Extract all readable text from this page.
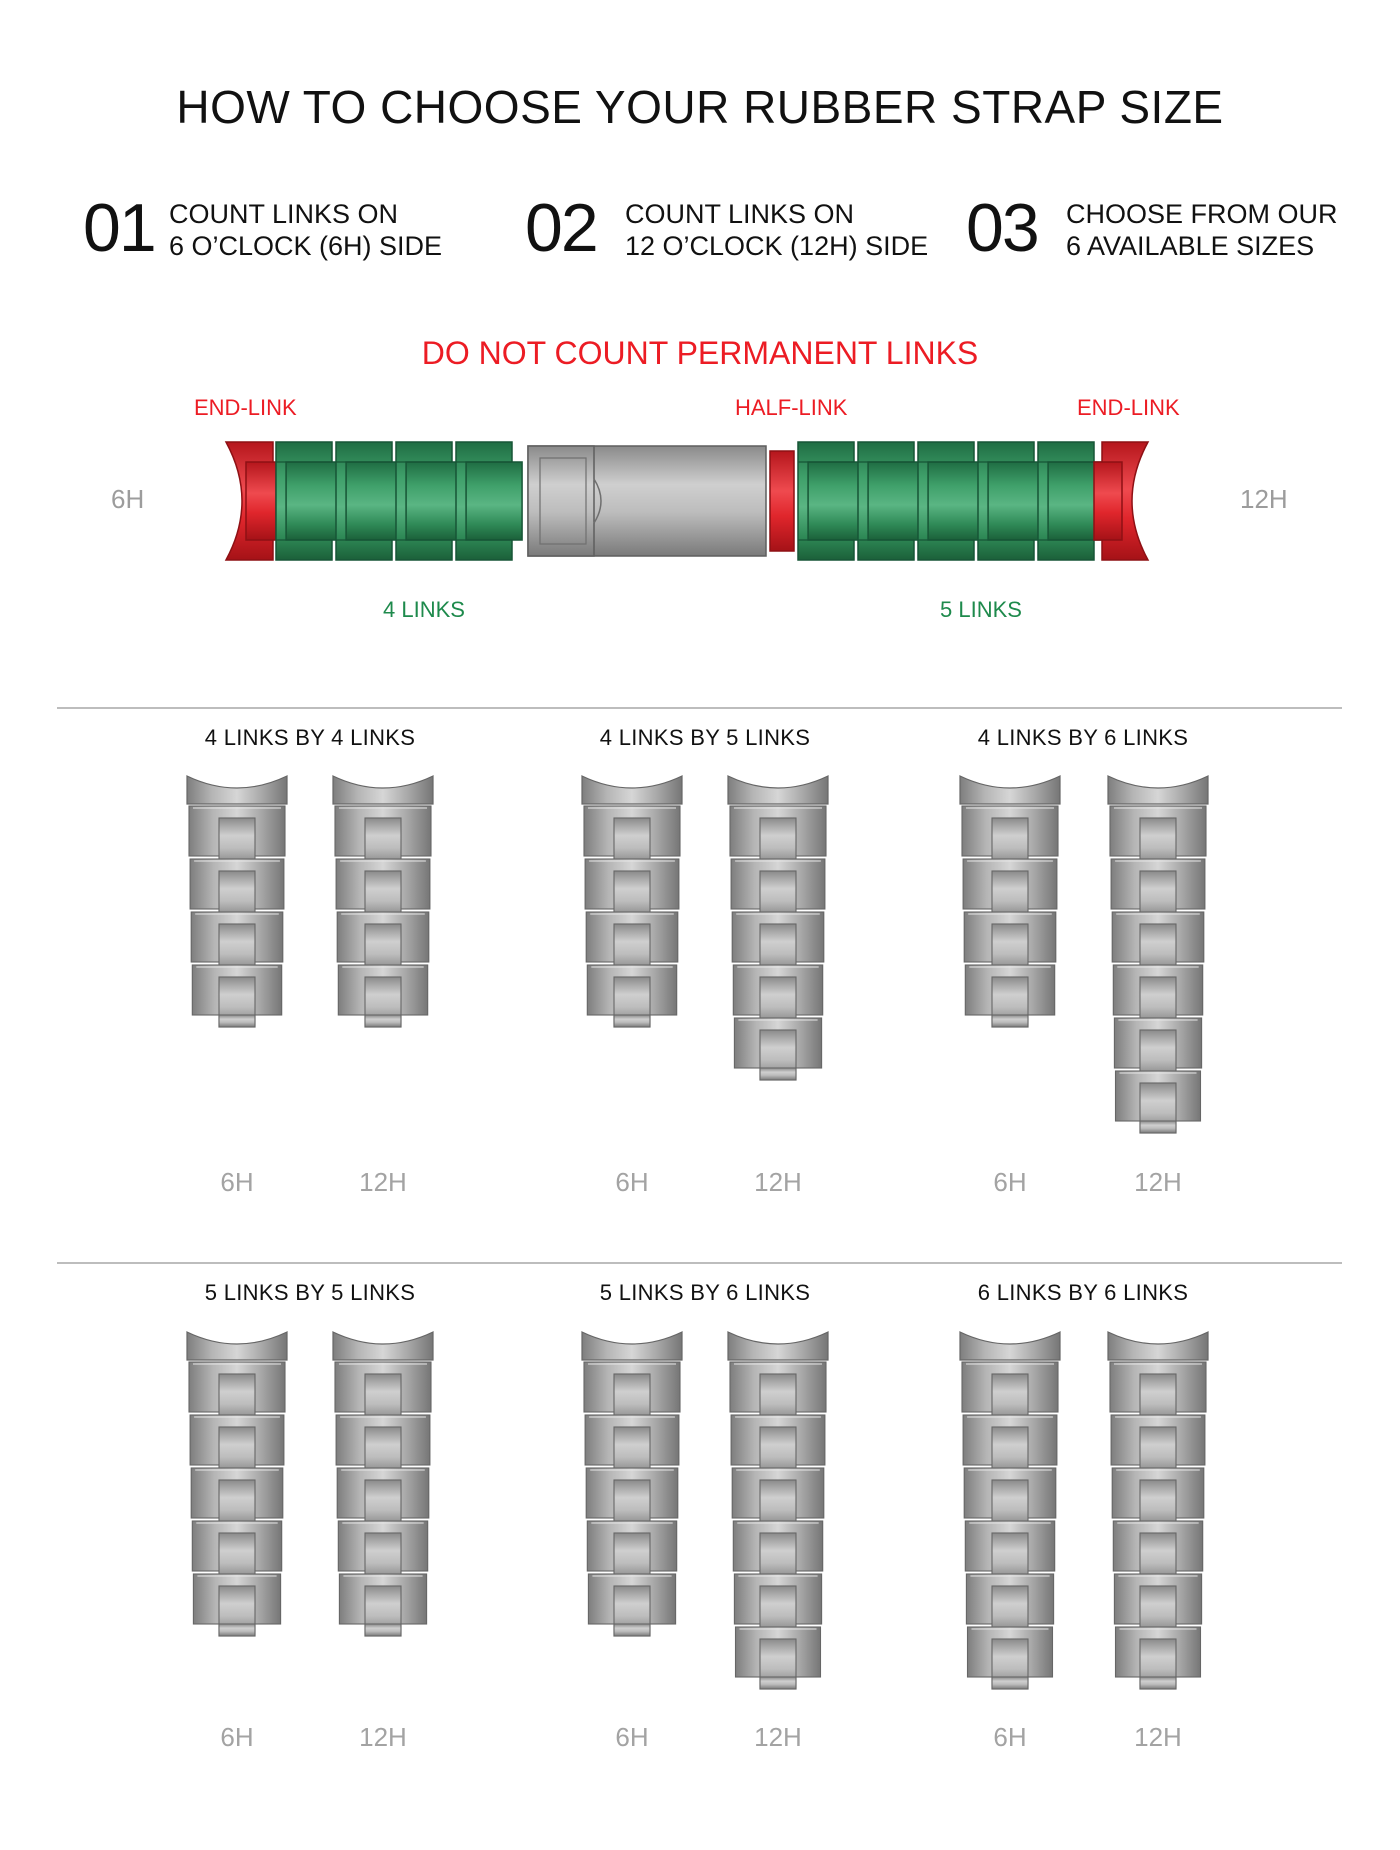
HOW TO CHOOSE YOUR RUBBER STRAP SIZE
01 COUNT LINKS ON
6 O’CLOCK (6H) SIDE 02 COUNT LINKS ON
12 O’CLOCK (12H) SIDE 03 CHOOSE FROM OUR
6 AVAILABLE SIZES
DO NOT COUNT PERMANENT LINKS
END-LINK	HALF-LINK	END-LINK
6H	12H
4 LINKS	5 LINKS
4 LINKS BY 4 LINKS
6H	12H
4 LINKS BY 5 LINKS
6H	12H
4 LINKS BY 6 LINKS
6H	12H
5 LINKS BY 5 LINKS
6H	12H
5 LINKS BY 6 LINKS
6H	12H
6 LINKS BY 6 LINKS
6H	12H
